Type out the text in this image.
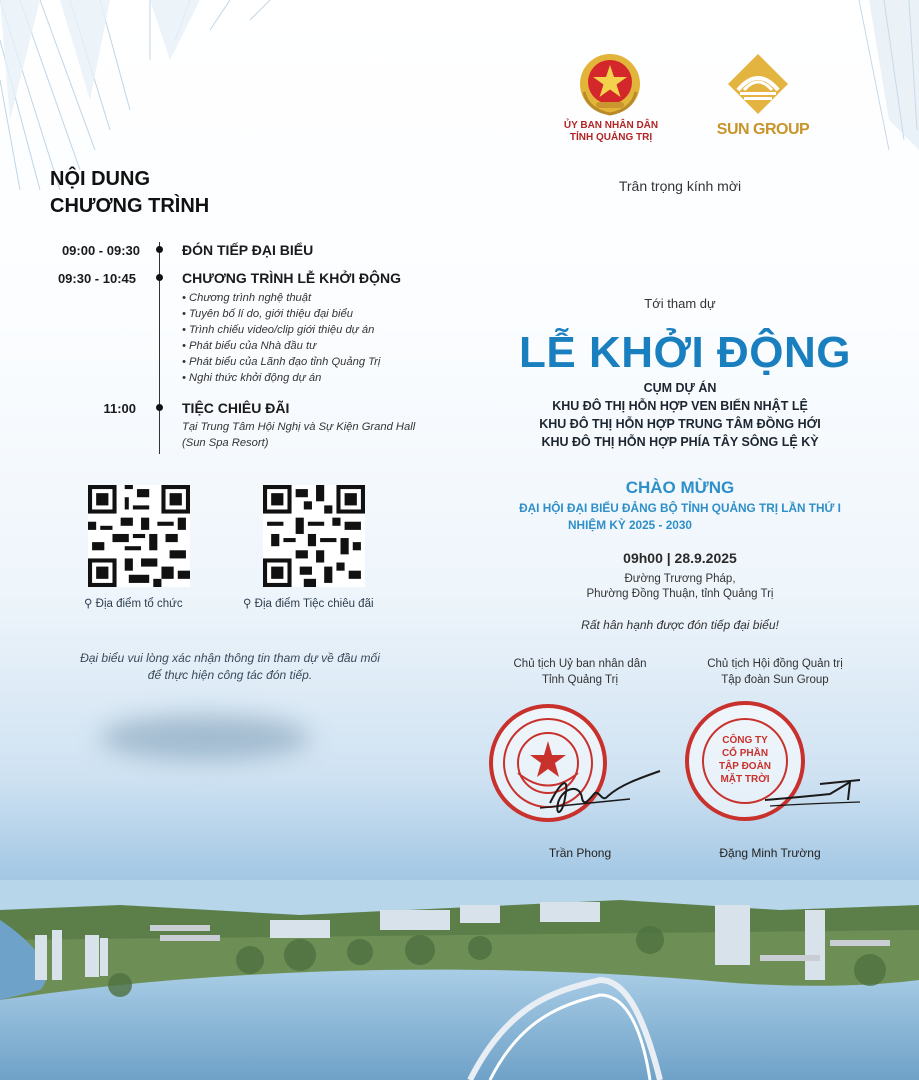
ỦY BAN NHÂN DÂN
TỈNH QUẢNG TRỊ	SUN GROUP
NỘI DUNG
CHƯƠNG TRÌNH
09:00 - 09:30	ĐÓN TIẾP ĐẠI BIỂU
09:30 - 10:45	CHƯƠNG TRÌNH LỄ KHỞI ĐỘNG
• Chương trình nghệ thuật
• Tuyên bố lí do, giới thiệu đại biểu
• Trình chiếu video/clip giới thiệu dự án
• Phát biểu của Nhà đầu tư
• Phát biểu của Lãnh đạo tỉnh Quảng Trị
• Nghi thức khởi động dự án
11:00	TIỆC CHIÊU ĐÃI
Tại Trung Tâm Hội Nghị và Sự Kiện Grand Hall
(Sun Spa Resort)
⚲ Địa điểm tổ chức	⚲ Địa điểm Tiệc chiêu đãi
Đại biểu vui lòng xác nhận thông tin tham dự về đầu mối
để thực hiện công tác đón tiếp.
Trân trọng kính mời
Tới tham dự
LỄ KHỞI ĐỘNG
CỤM DỰ ÁN
KHU ĐÔ THỊ HỖN HỢP VEN BIỂN NHẬT LỆ
KHU ĐÔ THỊ HỖN HỢP TRUNG TÂM ĐỒNG HỚI
KHU ĐÔ THỊ HỖN HỢP PHÍA TÂY SÔNG LỆ KỲ
CHÀO MỪNG
ĐẠI HỘI ĐẠI BIỂU ĐẢNG BỘ TỈNH QUẢNG TRỊ LẦN THỨ I
NHIỆM KỲ 2025 - 2030
09h00 | 28.9.2025
Đường Trương Pháp,
Phường Đồng Thuận, tỉnh Quảng Trị
Rất hân hạnh được đón tiếp đại biểu!
Chủ tịch Uỷ ban nhân dân
Tỉnh Quảng Trị
Chủ tịch Hội đồng Quản trị
Tập đoàn Sun Group
CÔNG TY
CỔ PHẦN
TẬP ĐOÀN
MẶT TRỜI
Trần Phong	Đặng Minh Trường
